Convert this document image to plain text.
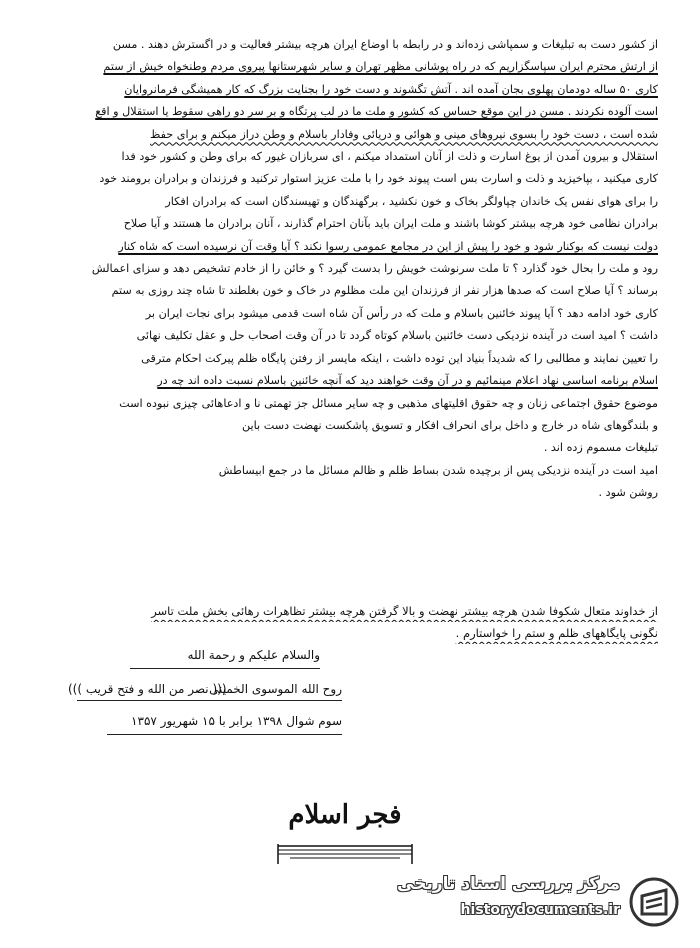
از کشور دست به تبلیغات و سمپاشی زده‌اند و در رابطه با اوضاع ایران هرچه بیشتر فعالیت و در اگسترش دهند . مسن
از ارتش محترم ایران سپاسگزاریم که در راه پوشانی مظهر تهران و سایر شهرستانها پیروی مردم وطنخواه خیش از ستم
کاری ۵۰ ساله دودمان پهلوی بجان آمده اند . آتش تگشوند و دست خود را بجنایت بزرگ که کار همیشگی فرمانروایان
است آلوده نکردند . مسن در این موقع حساس که کشور و ملت ما در لب پرتگاه و بر سر دو راهی سقوط یا استقلال و اقع
شده است ، دست خود را بسوی نیروهای مینی و هوائی و دریائی وفادار باسلام و وطن دراز میکنم و برای حفظ
استقلال و بیرون آمدن از یوغ اسارت و ذلت از آنان استمداد میکنم ، ای سربازان غیور که برای وطن و کشور خود فدا
کاری میکنید ، بپاخیزید و ذلت و اسارت بس است پیوند خود را با ملت عزیز استوار ترکنید و فرزندان و برادران برومند خود
را برای هوای نفس یک خاندان چپاولگر بخاک و خون نکشید ، برگهندگان و تهیسندگان است که برادران افکار
برادران نظامی خود هرچه بیشتر کوشا باشند و ملت ایران باید بآنان احترام گذارند ، آنان برادران ما هستند و آیا صلاح
دولت نیست که بوکنار شود و خود را پیش از این در مجامع عمومی رسوا نکند ؟ آیا وقت آن نرسیده است که شاه کنار
رود و ملت را بحال خود گذارد ؟ تا ملت سرنوشت خویش را بدست گیرد ؟ و خائن را از خادم تشخیص دهد و سزای اعمالش
برساند ؟ آیا صلاح است که صدها هزار نفر از فرزندان این ملت مظلوم در خاک و خون بغلطند تا شاه چند روزی به ستم
کاری خود ادامه دهد ؟ آیا پیوند خائنین باسلام و ملت که در رأس آن شاه است قدمی میشود برای نجات ایران بر
داشت ؟ امید است در آینده نزدیکی دست خائنین باسلام کوتاه گردد تا در آن وقت اصحاب حل و عقل تکلیف نهائی
را تعیین نمایند و مطالبی را که شدیداً بنیاد این توده داشت ، اینکه مایسر از رفتن پایگاه ظلم پیرکت احکام مترقی
اسلام برنامه اساسی نهاد اعلام مینمائیم و در آن وقت خواهند دید که آنچه خائنین باسلام نسبت داده اند چه در
موضوع حقوق اجتماعی زنان و چه حقوق اقلیتهای مذهبی و چه سایر مسائل جز تهمتی نا و ادعاهائی چیزی نبوده است
و بلندگوهای شاه در خارج و داخل برای انحراف افکار و تسویق پاشکست نهضت دست باین
تبلیغات مسموم زده اند .
امید است در آینده نزدیکی پس از برچیده شدن بساط ظلم و ظالم مسائل ما در جمع ابیساطش
روشن شود .
از خداوند متعال شکوفا شدن هرچه بیشتر نهضت و بالا گرفتن هرچه بیشتر تظاهرات رهائی بخش ملت تاسر
نگونی پایگاههای ظلم و ستم را خواستارم .
والسلام علیکم و رحمة الله
روح الله الموسوی الخمینی
((( نصر من الله و فتح قریب )))
سوم شوال ۱۳۹۸ برابر با ۱۵ شهریور ۱۳۵۷
فجر اسلام
مرکز بررسی اسناد تاریخی
historydocuments.ir
